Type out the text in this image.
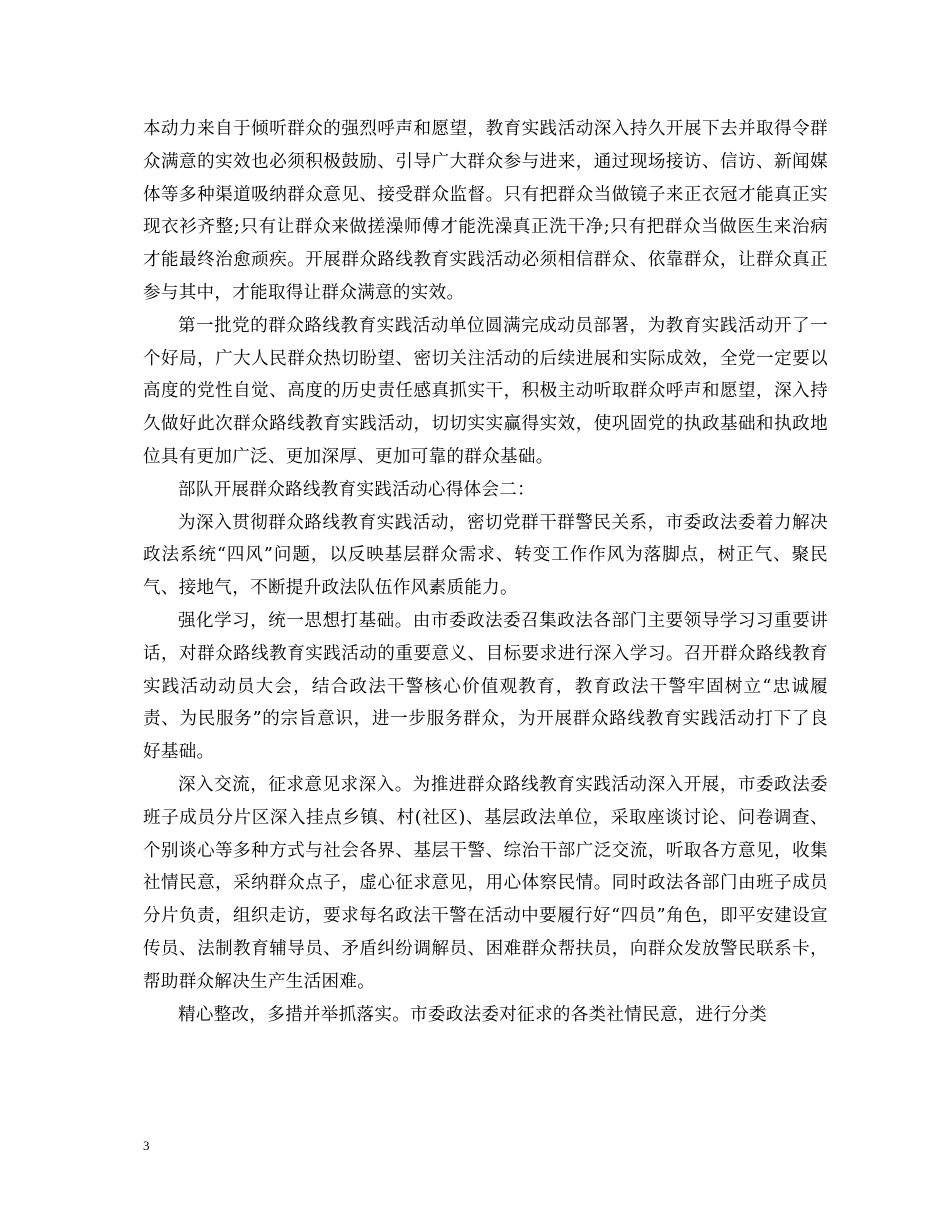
本动力来自于倾听群众的强烈呼声和愿望，教育实践活动深入持久开展下去并取得令群众满意的实效也必须积极鼓励、引导广大群众参与进来，通过现场接访、信访、新闻媒体等多种渠道吸纳群众意见、接受群众监督。只有把群众当做镜子来正衣冠才能真正实现衣衫齐整;只有让群众来做搓澡师傅才能洗澡真正洗干净;只有把群众当做医生来治病才能最终治愈顽疾。开展群众路线教育实践活动必须相信群众、依靠群众，让群众真正参与其中，才能取得让群众满意的实效。

第一批党的群众路线教育实践活动单位圆满完成动员部署，为教育实践活动开了一个好局，广大人民群众热切盼望、密切关注活动的后续进展和实际成效，全党一定要以高度的党性自觉、高度的历史责任感真抓实干，积极主动听取群众呼声和愿望，深入持久做好此次群众路线教育实践活动，切切实实赢得实效，使巩固党的执政基础和执政地位具有更加广泛、更加深厚、更加可靠的群众基础。

部队开展群众路线教育实践活动心得体会二：

为深入贯彻群众路线教育实践活动，密切党群干群警民关系，市委政法委着力解决政法系统“四风”问题，以反映基层群众需求、转变工作作风为落脚点，树正气、聚民气、接地气，不断提升政法队伍作风素质能力。

强化学习，统一思想打基础。由市委政法委召集政法各部门主要领导学习习重要讲话，对群众路线教育实践活动的重要意义、目标要求进行深入学习。召开群众路线教育实践活动动员大会，结合政法干警核心价值观教育，教育政法干警牢固树立“忠诚履责、为民服务”的宗旨意识，进一步服务群众，为开展群众路线教育实践活动打下了良好基础。

深入交流，征求意见求深入。为推进群众路线教育实践活动深入开展，市委政法委班子成员分片区深入挂点乡镇、村(社区)、基层政法单位，采取座谈讨论、问卷调查、个别谈心等多种方式与社会各界、基层干警、综治干部广泛交流，听取各方意见，收集社情民意，采纳群众点子，虚心征求意见，用心体察民情。同时政法各部门由班子成员分片负责，组织走访，要求每名政法干警在活动中要履行好“四员”角色，即平安建设宣传员、法制教育辅导员、矛盾纠纷调解员、困难群众帮扶员，向群众发放警民联系卡，帮助群众解决生产生活困难。

精心整改，多措并举抓落实。市委政法委对征求的各类社情民意，进行分类

3
